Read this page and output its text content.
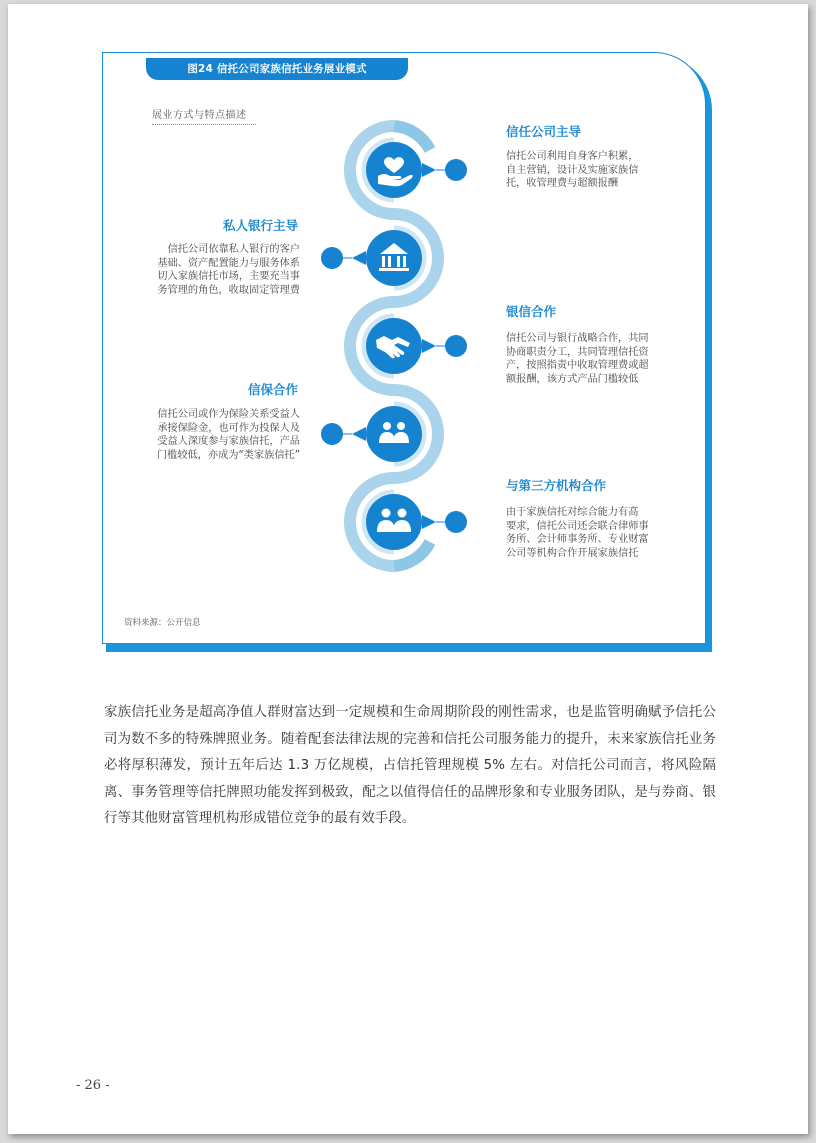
图24 信托公司家族信托业务展业模式
展业方式与特点描述
信任公司主导
信托公司利用自身客户积累，
自主营销，设计及实施家族信
托，收管理费与超额报酬
私人银行主导
信托公司依靠私人银行的客户
基础、资产配置能力与服务体系
切入家族信托市场，主要充当事
务管理的角色，收取固定管理费
银信合作
信托公司与银行战略合作，共同
协商职责分工，共同管理信托资
产，按照指责中收取管理费或超
额报酬，该方式产品门槛较低
信保合作
信托公司或作为保险关系受益人
承接保险金，也可作为投保人及
受益人深度参与家族信托，产品
门槛较低，亦成为“类家族信托”
与第三方机构合作
由于家族信托对综合能力有高
要求，信托公司还会联合律师事
务所、会计师事务所、专业财富
公司等机构合作开展家族信托
资料来源：公开信息
家族信托业务是超高净值人群财富达到一定规模和生命周期阶段的刚性需求，也是监管明确赋予信托公司为数不多的特殊牌照业务。随着配套法律法规的完善和信托公司服务能力的提升，未来家族信托业务必将厚积薄发，预计五年后达 1.3 万亿规模，占信托管理规模 5% 左右。对信托公司而言，将风险隔离、事务管理等信托牌照功能发挥到极致，配之以值得信任的品牌形象和专业服务团队，是与券商、银行等其他财富管理机构形成错位竞争的最有效手段。
- 26 -
